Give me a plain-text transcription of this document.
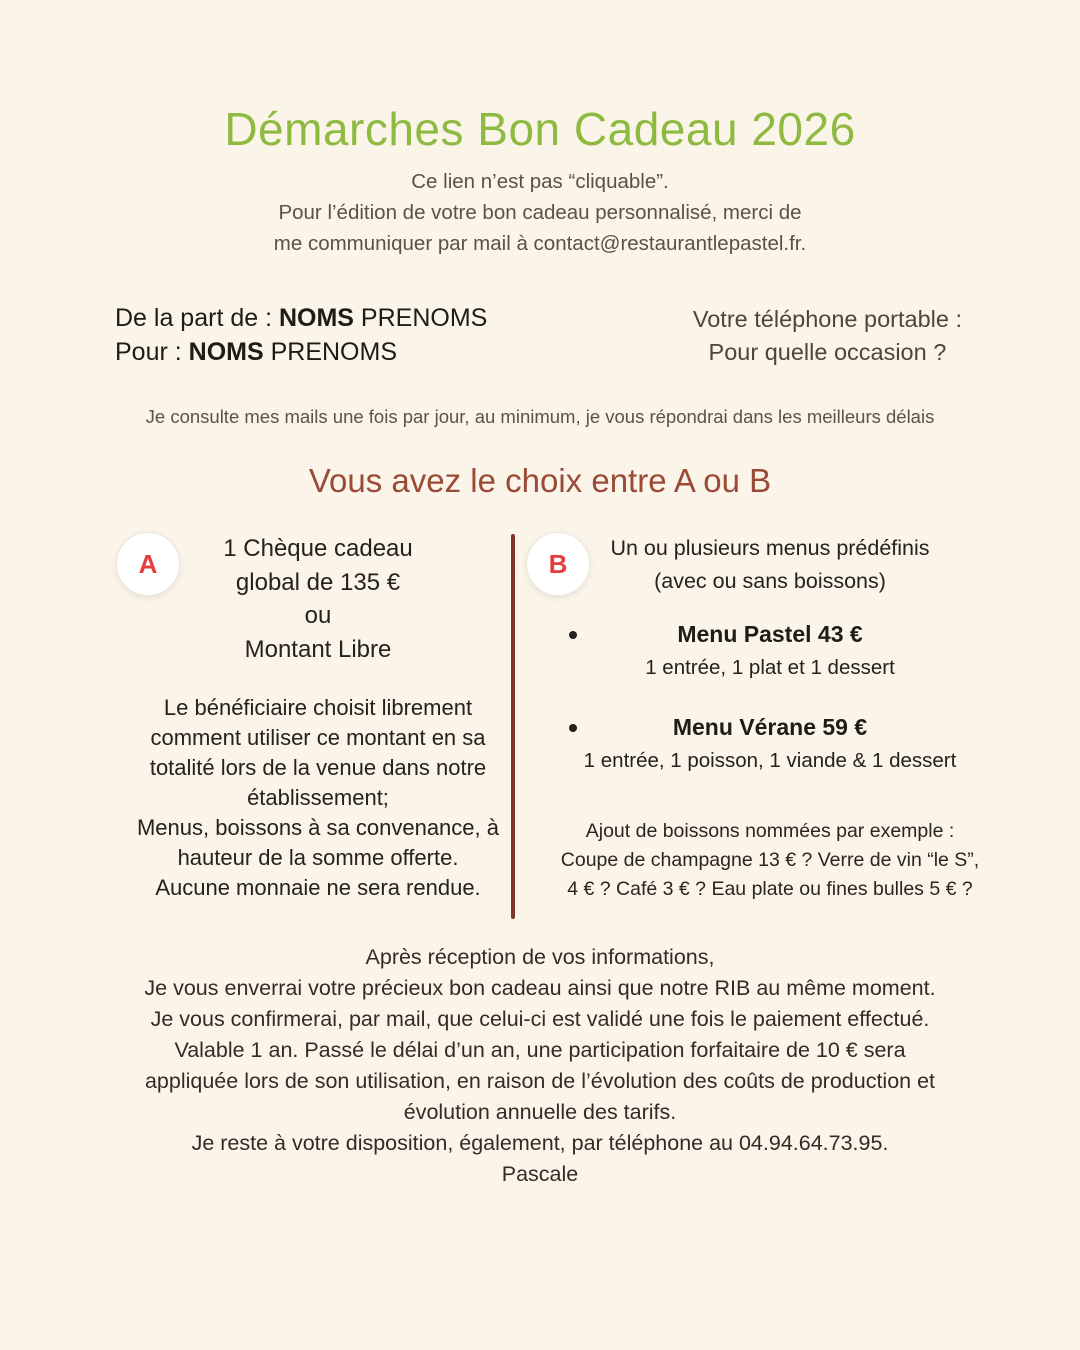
Démarches Bon Cadeau 2026
Ce lien n’est pas “cliquable”.
Pour l’édition de votre bon cadeau personnalisé, merci de
me communiquer par mail à contact@restaurantlepastel.fr.
De la part de : NOMS PRENOMS
Pour : NOMS PRENOMS
Votre téléphone portable :
Pour quelle occasion ?
Je consulte mes mails une fois par jour, au minimum, je vous répondrai dans les meilleurs délais
Vous avez le choix entre A ou B
A	B
1 Chèque cadeau
global de 135 €
ou
Montant Libre
Le bénéficiaire choisit librement
comment utiliser ce montant en sa
totalité lors de la venue dans notre
établissement;
Menus, boissons à sa convenance, à
hauteur de la somme offerte.
Aucune monnaie ne sera rendue.
Un ou plusieurs menus prédéfinis
(avec ou sans boissons)
Menu Pastel 43 €
1 entrée, 1 plat et 1 dessert
Menu Vérane 59 €
1 entrée, 1 poisson, 1 viande & 1 dessert
Ajout de boissons nommées par exemple :
Coupe de champagne 13 € ? Verre de vin “le S”,
4 € ? Café 3 € ? Eau plate ou fines bulles 5 € ?
Après réception de vos informations,
Je vous enverrai votre précieux bon cadeau ainsi que notre RIB au même moment.
Je vous confirmerai, par mail, que celui-ci est validé une fois le paiement effectué.
Valable 1 an. Passé le délai d’un an, une participation forfaitaire de 10 € sera
appliquée lors de son utilisation, en raison de l’évolution des coûts de production et
évolution annuelle des tarifs.
Je reste à votre disposition, également, par téléphone au 04.94.64.73.95.
Pascale
